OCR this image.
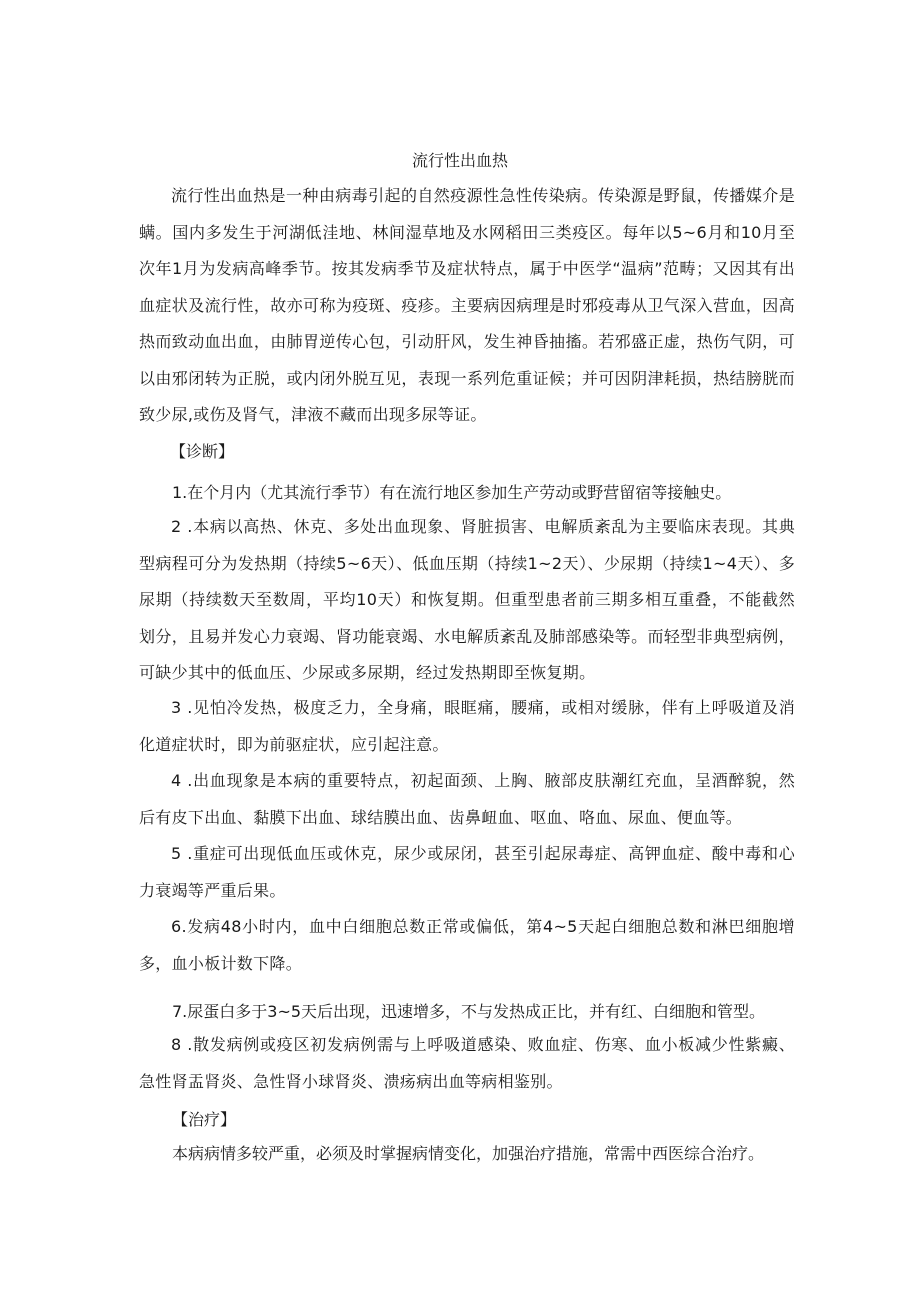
流行性出血热
流行性出血热是一种由病毒引起的自然疫源性急性传染病。传染源是野鼠，传播媒介是螨。国内多发生于河湖低洼地、林间湿草地及水网稻田三类疫区。每年以5~6月和10月至次年1月为发病高峰季节。按其发病季节及症状特点，属于中医学“温病”范畴；又因其有出血症状及流行性，故亦可称为疫斑、疫疹。主要病因病理是时邪疫毒从卫气深入营血，因高热而致动血出血，由肺胃逆传心包，引动肝风，发生神昏抽搐。若邪盛正虚，热伤气阴，可以由邪闭转为正脱，或内闭外脱互见，表现一系列危重证候；并可因阴津耗损，热结膀胱而致少尿,或伤及肾气，津液不藏而出现多尿等证。
【诊断】
1.在个月内（尤其流行季节）有在流行地区参加生产劳动或野营留宿等接触史。
2 .本病以高热、休克、多处出血现象、肾脏损害、电解质紊乱为主要临床表现。其典型病程可分为发热期（持续5~6天）、低血压期（持续1~2天）、少尿期（持续1~4天）、多尿期（持续数天至数周，平均10天）和恢复期。但重型患者前三期多相互重叠，不能截然划分，且易并发心力衰竭、肾功能衰竭、水电解质紊乱及肺部感染等。而轻型非典型病例，可缺少其中的低血压、少尿或多尿期，经过发热期即至恢复期。
3 .见怕冷发热，极度乏力，全身痛，眼眶痛，腰痛，或相对缓脉，伴有上呼吸道及消化道症状时，即为前驱症状，应引起注意。
4 .出血现象是本病的重要特点，初起面颈、上胸、腋部皮肤潮红充血，呈酒醉貌，然后有皮下出血、黏膜下出血、球结膜出血、齿鼻衄血、呕血、咯血、尿血、便血等。
5 .重症可出现低血压或休克，尿少或尿闭，甚至引起尿毒症、高钾血症、酸中毒和心力衰竭等严重后果。
6.发病48小时内，血中白细胞总数正常或偏低，第4~5天起白细胞总数和淋巴细胞增多，血小板计数下降。
7.尿蛋白多于3~5天后出现，迅速增多，不与发热成正比，并有红、白细胞和管型。
8 .散发病例或疫区初发病例需与上呼吸道感染、败血症、伤寒、血小板减少性紫癜、急性肾盂肾炎、急性肾小球肾炎、溃疡病出血等病相鉴别。
【治疗】
本病病情多较严重，必须及时掌握病情变化，加强治疗措施，常需中西医综合治疗。
